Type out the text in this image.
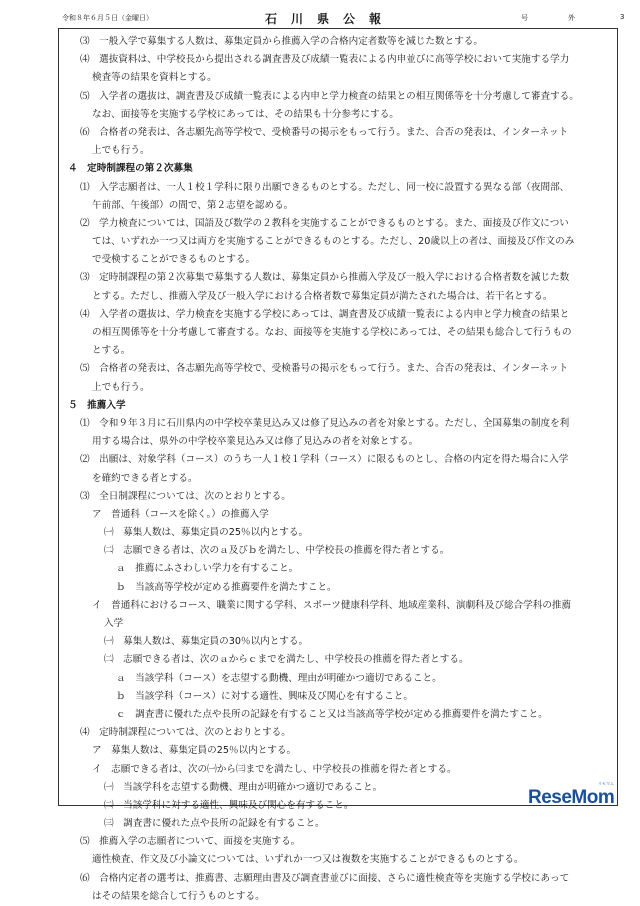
令和８年６月５日（金曜日）	石川県公報	号	外	3
⑶　一般入学で募集する人数は、募集定員から推薦入学の合格内定者数等を減じた数とする。
⑷　選抜資料は、中学校長から提出される調査書及び成績一覧表による内申並びに高等学校において実施する学力
検査等の結果を資料とする。
⑸　入学者の選抜は、調査書及び成績一覧表による内申と学力検査の結果との相互関係等を十分考慮して審査する。
なお、面接等を実施する学校にあっては、その結果も十分参考にする。
⑹　合格者の発表は、各志願先高等学校で、受検番号の掲示をもって行う。また、合否の発表は、インターネット
上でも行う。
４　定時制課程の第２次募集
⑴　入学志願者は、一人１校１学科に限り出願できるものとする。ただし、同一校に設置する異なる部（夜間部、
午前部、午後部）の間で、第２志望を認める。
⑵　学力検査については、国語及び数学の２教科を実施することができるものとする。また、面接及び作文につい
ては、いずれか一つ又は両方を実施することができるものとする。ただし、20歳以上の者は、面接及び作文のみ
で受検することができるものとする。
⑶　定時制課程の第２次募集で募集する人数は、募集定員から推薦入学及び一般入学における合格者数を減じた数
とする。ただし、推薦入学及び一般入学における合格者数で募集定員が満たされた場合は、若干名とする。
⑷　入学者の選抜は、学力検査を実施する学校にあっては、調査書及び成績一覧表による内申と学力検査の結果と
の相互関係等を十分考慮して審査する。なお、面接等を実施する学校にあっては、その結果も総合して行うもの
とする。
⑸　合格者の発表は、各志願先高等学校で、受検番号の掲示をもって行う。また、合否の発表は、インターネット
上でも行う。
５　推薦入学
⑴　令和９年３月に石川県内の中学校卒業見込み又は修了見込みの者を対象とする。ただし、全国募集の制度を利
用する場合は、県外の中学校卒業見込み又は修了見込みの者を対象とする。
⑵　出願は、対象学科（コース）のうち一人１校１学科（コース）に限るものとし、合格の内定を得た場合に入学
を確約できる者とする。
⑶　全日制課程については、次のとおりとする。
ア　普通科（コースを除く。）の推薦入学
㈠　募集人数は、募集定員の25％以内とする。
㈡　志願できる者は、次のａ及びｂを満たし、中学校長の推薦を得た者とする。
ａ　推薦にふさわしい学力を有すること。
ｂ　当該高等学校が定める推薦要件を満たすこと。
イ　普通科におけるコース、職業に関する学科、スポーツ健康科学科、地域産業科、演劇科及び総合学科の推薦
入学
㈠　募集人数は、募集定員の30％以内とする。
㈡　志願できる者は、次のａからｃまでを満たし、中学校長の推薦を得た者とする。
ａ　当該学科（コース）を志望する動機、理由が明確かつ適切であること。
ｂ　当該学科（コース）に対する適性、興味及び関心を有すること。
ｃ　調査書に優れた点や長所の記録を有すること又は当該高等学校が定める推薦要件を満たすこと。
⑷　定時制課程については、次のとおりとする。
ア　募集人数は、募集定員の25％以内とする。
イ　志願できる者は、次の㈠から㈢までを満たし、中学校長の推薦を得た者とする。
㈠　当該学科を志望する動機、理由が明確かつ適切であること。
㈡　当該学科に対する適性、興味及び関心を有すること。
㈢　調査書に優れた点や長所の記録を有すること。
⑸　推薦入学の志願者について、面接を実施する。
適性検査、作文及び小論文については、いずれか一つ又は複数を実施することができるものとする。
⑹　合格内定者の選考は、推薦書、志願理由書及び調査書並びに面接、さらに適性検査等を実施する学校にあって
はその結果を総合して行うものとする。
リセマム
ReseMom
